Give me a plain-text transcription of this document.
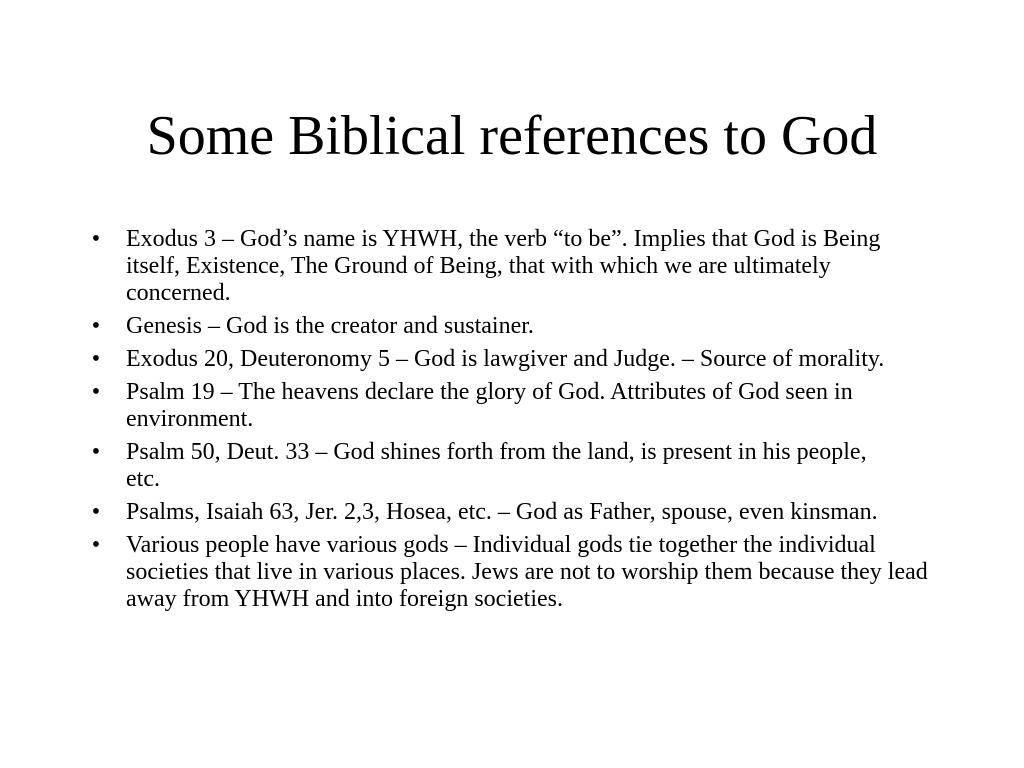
Some Biblical references to God
• Exodus 3 – God’s name is YHWH, the verb “to be”. Implies that God is Being itself, Existence, The Ground of Being, that with which we are ultimately concerned.
• Genesis – God is the creator and sustainer.
• Exodus 20, Deuteronomy 5 – God is lawgiver and Judge. – Source of morality.
• Psalm 19 – The heavens declare the glory of God. Attributes of God seen in environment.
• Psalm 50, Deut. 33 – God shines forth from the land, is present in his people, etc.
• Psalms, Isaiah 63, Jer. 2,3, Hosea, etc. – God as Father, spouse, even kinsman.
• Various people have various gods – Individual gods tie together the individual societies that live in various places. Jews are not to worship them because they lead away from YHWH and into foreign societies.
